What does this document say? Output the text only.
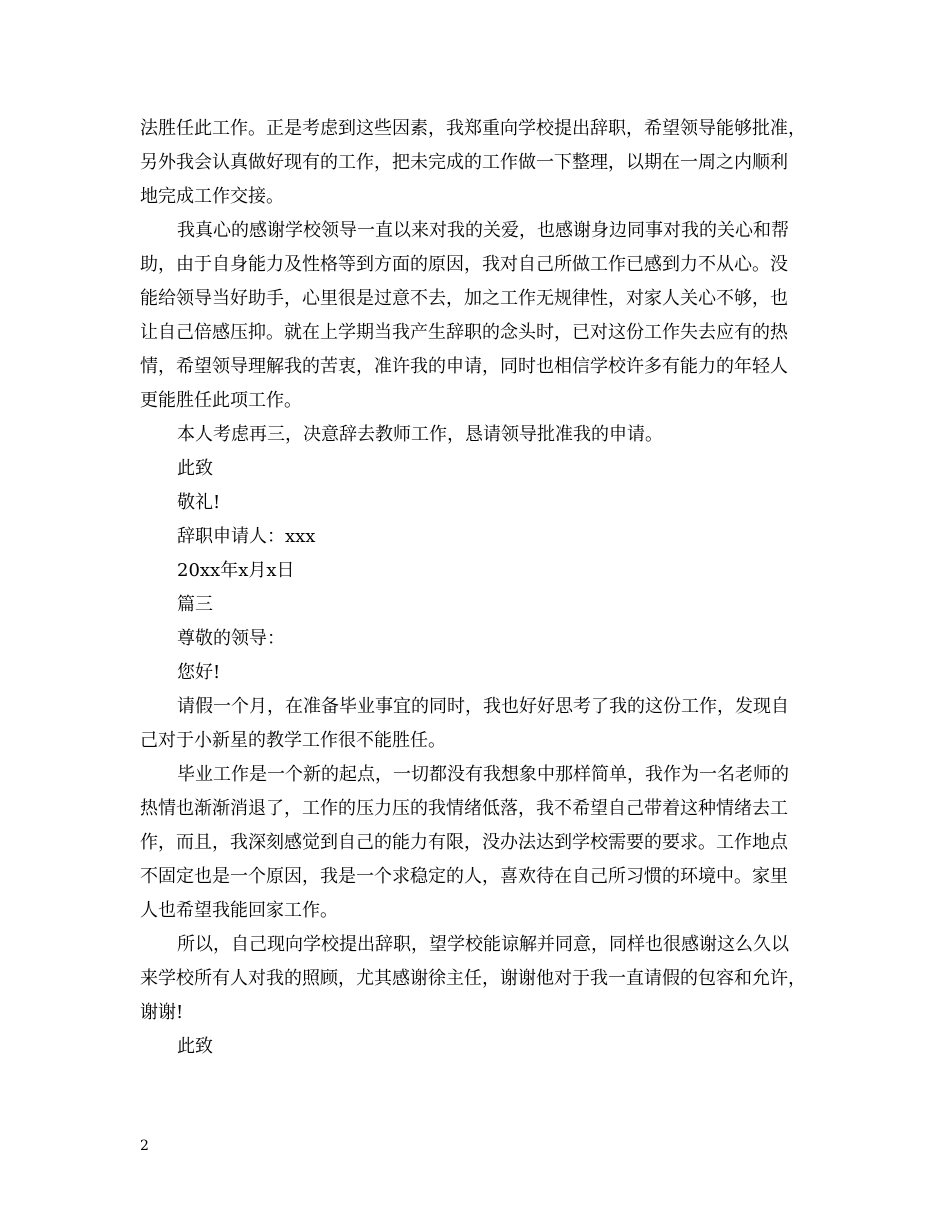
法胜任此工作。正是考虑到这些因素，我郑重向学校提出辞职，希望领导能够批准，
另外我会认真做好现有的工作，把未完成的工作做一下整理，以期在一周之内顺利
地完成工作交接。
我真心的感谢学校领导一直以来对我的关爱，也感谢身边同事对我的关心和帮
助，由于自身能力及性格等到方面的原因，我对自己所做工作已感到力不从心。没
能给领导当好助手，心里很是过意不去，加之工作无规律性，对家人关心不够，也
让自己倍感压抑。就在上学期当我产生辞职的念头时，已对这份工作失去应有的热
情，希望领导理解我的苦衷，准许我的申请，同时也相信学校许多有能力的年轻人
更能胜任此项工作。
本人考虑再三，决意辞去教师工作，恳请领导批准我的申请。
此致
敬礼!
辞职申请人：xxx
20xx年x月x日
篇三
尊敬的领导：
您好!
请假一个月，在准备毕业事宜的同时，我也好好思考了我的这份工作，发现自
己对于小新星的教学工作很不能胜任。
毕业工作是一个新的起点，一切都没有我想象中那样简单，我作为一名老师的
热情也渐渐消退了，工作的压力压的我情绪低落，我不希望自己带着这种情绪去工
作，而且，我深刻感觉到自己的能力有限，没办法达到学校需要的要求。工作地点
不固定也是一个原因，我是一个求稳定的人，喜欢待在自己所习惯的环境中。家里
人也希望我能回家工作。
所以，自己现向学校提出辞职，望学校能谅解并同意，同样也很感谢这么久以
来学校所有人对我的照顾，尤其感谢徐主任，谢谢他对于我一直请假的包容和允许，
谢谢!
此致
2
